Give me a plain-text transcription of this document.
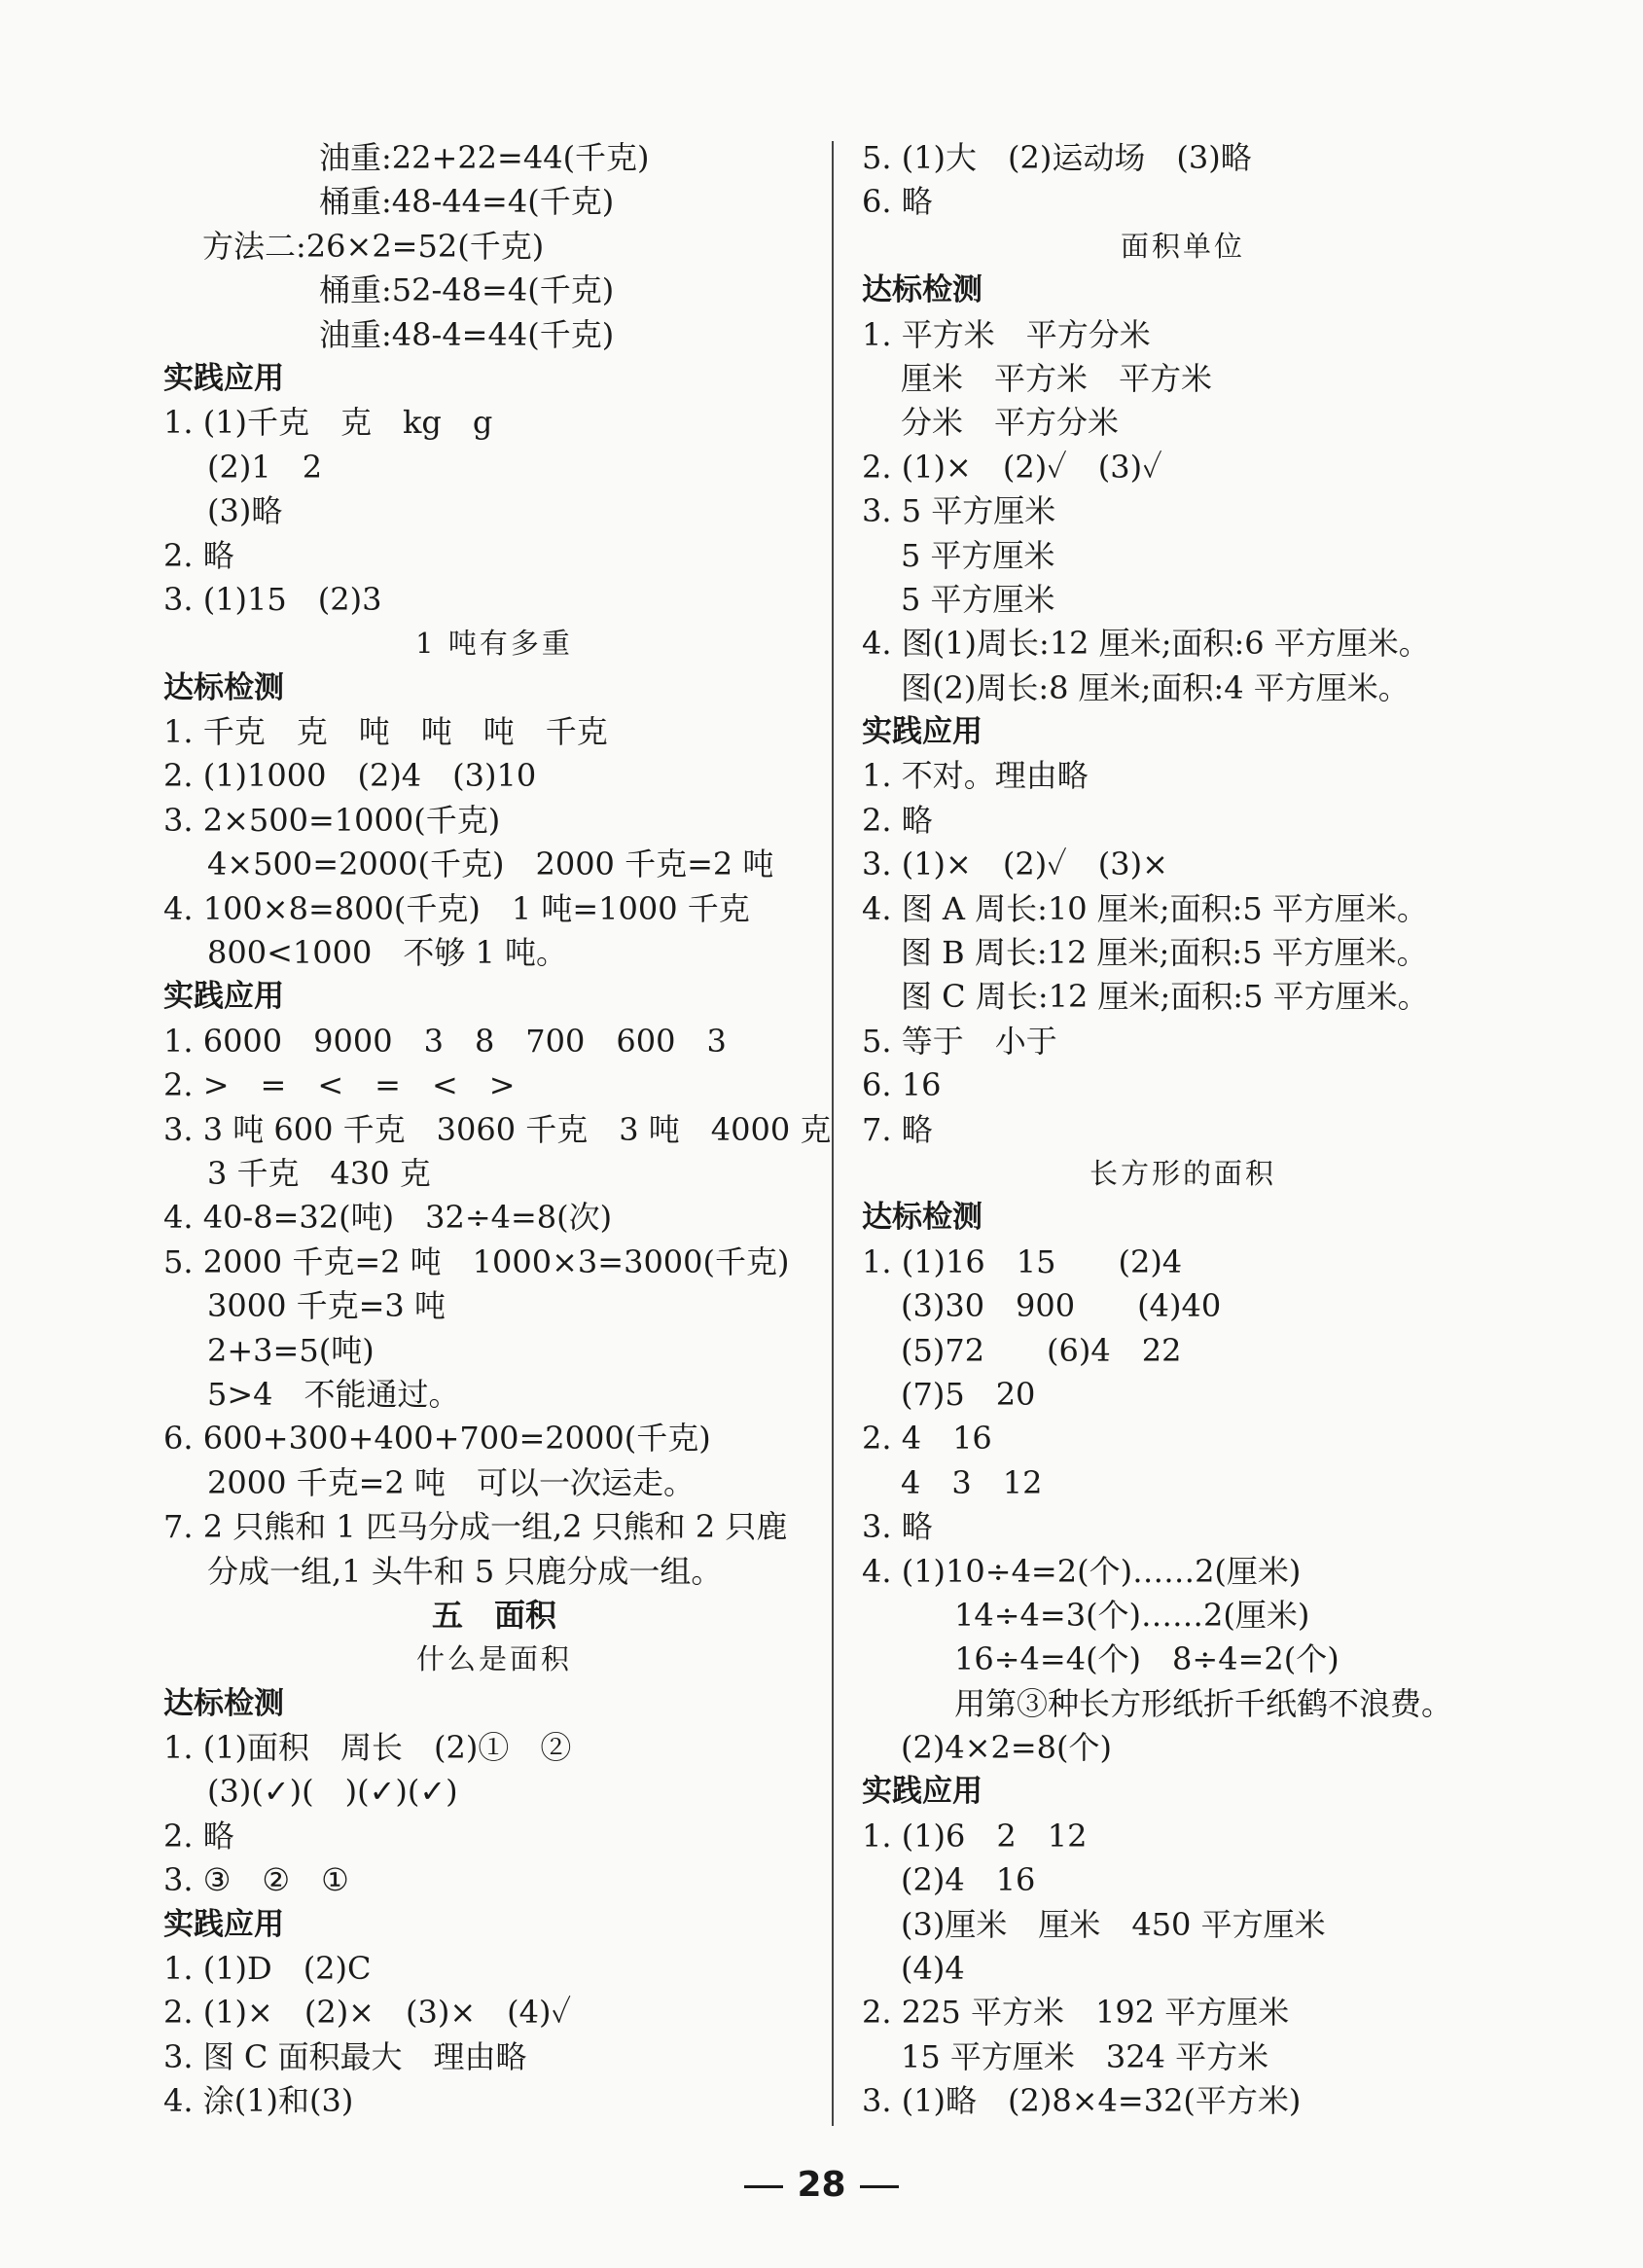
油重:22+22=44(千克)
桶重:48-44=4(千克)
方法二:26×2=52(千克)
桶重:52-48=4(千克)
油重:48-4=44(千克)
实践应用
1. (1)千克　克　kg　g
(2)1　2
(3)略
2. 略
3. (1)15　(2)3
1 吨有多重
达标检测
1. 千克　克　吨　吨　吨　千克
2. (1)1000　(2)4　(3)10
3. 2×500=1000(千克)
4×500=2000(千克)　2000 千克=2 吨
4. 100×8=800(千克)　1 吨=1000 千克
800<1000　不够 1 吨。
实践应用
1. 6000　9000　3　8　700　600　3
2. >　=　<　=　<　>
3. 3 吨 600 千克　3060 千克　3 吨　4000 克
3 千克　430 克
4. 40-8=32(吨)　32÷4=8(次)
5. 2000 千克=2 吨　1000×3=3000(千克)
3000 千克=3 吨
2+3=5(吨)
5>4　不能通过。
6. 600+300+400+700=2000(千克)
2000 千克=2 吨　可以一次运走。
7. 2 只熊和 1 匹马分成一组,2 只熊和 2 只鹿
分成一组,1 头牛和 5 只鹿分成一组。
五　面积
什么是面积
达标检测
1. (1)面积　周长　(2)①　②
(3)(✓)(　)(✓)(✓)
2. 略
3. ③　②　①
实践应用
1. (1)D　(2)C
2. (1)×　(2)×　(3)×　(4)✓
3. 图 C 面积最大　理由略
4. 涂(1)和(3)
5. (1)大　(2)运动场　(3)略
6. 略
面积单位
达标检测
1. 平方米　平方分米
厘米　平方米　平方米
分米　平方分米
2. (1)×　(2)✓　(3)✓
3. 5 平方厘米
5 平方厘米
5 平方厘米
4. 图(1)周长:12 厘米;面积:6 平方厘米。
图(2)周长:8 厘米;面积:4 平方厘米。
实践应用
1. 不对。理由略
2. 略
3. (1)×　(2)✓　(3)×
4. 图 A 周长:10 厘米;面积:5 平方厘米。
图 B 周长:12 厘米;面积:5 平方厘米。
图 C 周长:12 厘米;面积:5 平方厘米。
5. 等于　小于
6. 16
7. 略
长方形的面积
达标检测
1. (1)16　15　　(2)4
(3)30　900　　(4)40
(5)72　　(6)4　22
(7)5　20
2. 4　16
4　3　12
3. 略
4. (1)10÷4=2(个)……2(厘米)
14÷4=3(个)……2(厘米)
16÷4=4(个)　8÷4=2(个)
用第③种长方形纸折千纸鹤不浪费。
(2)4×2=8(个)
实践应用
1. (1)6　2　12
(2)4　16
(3)厘米　厘米　450 平方厘米
(4)4
2. 225 平方米　192 平方厘米
15 平方厘米　324 平方米
3. (1)略　(2)8×4=32(平方米)
28
